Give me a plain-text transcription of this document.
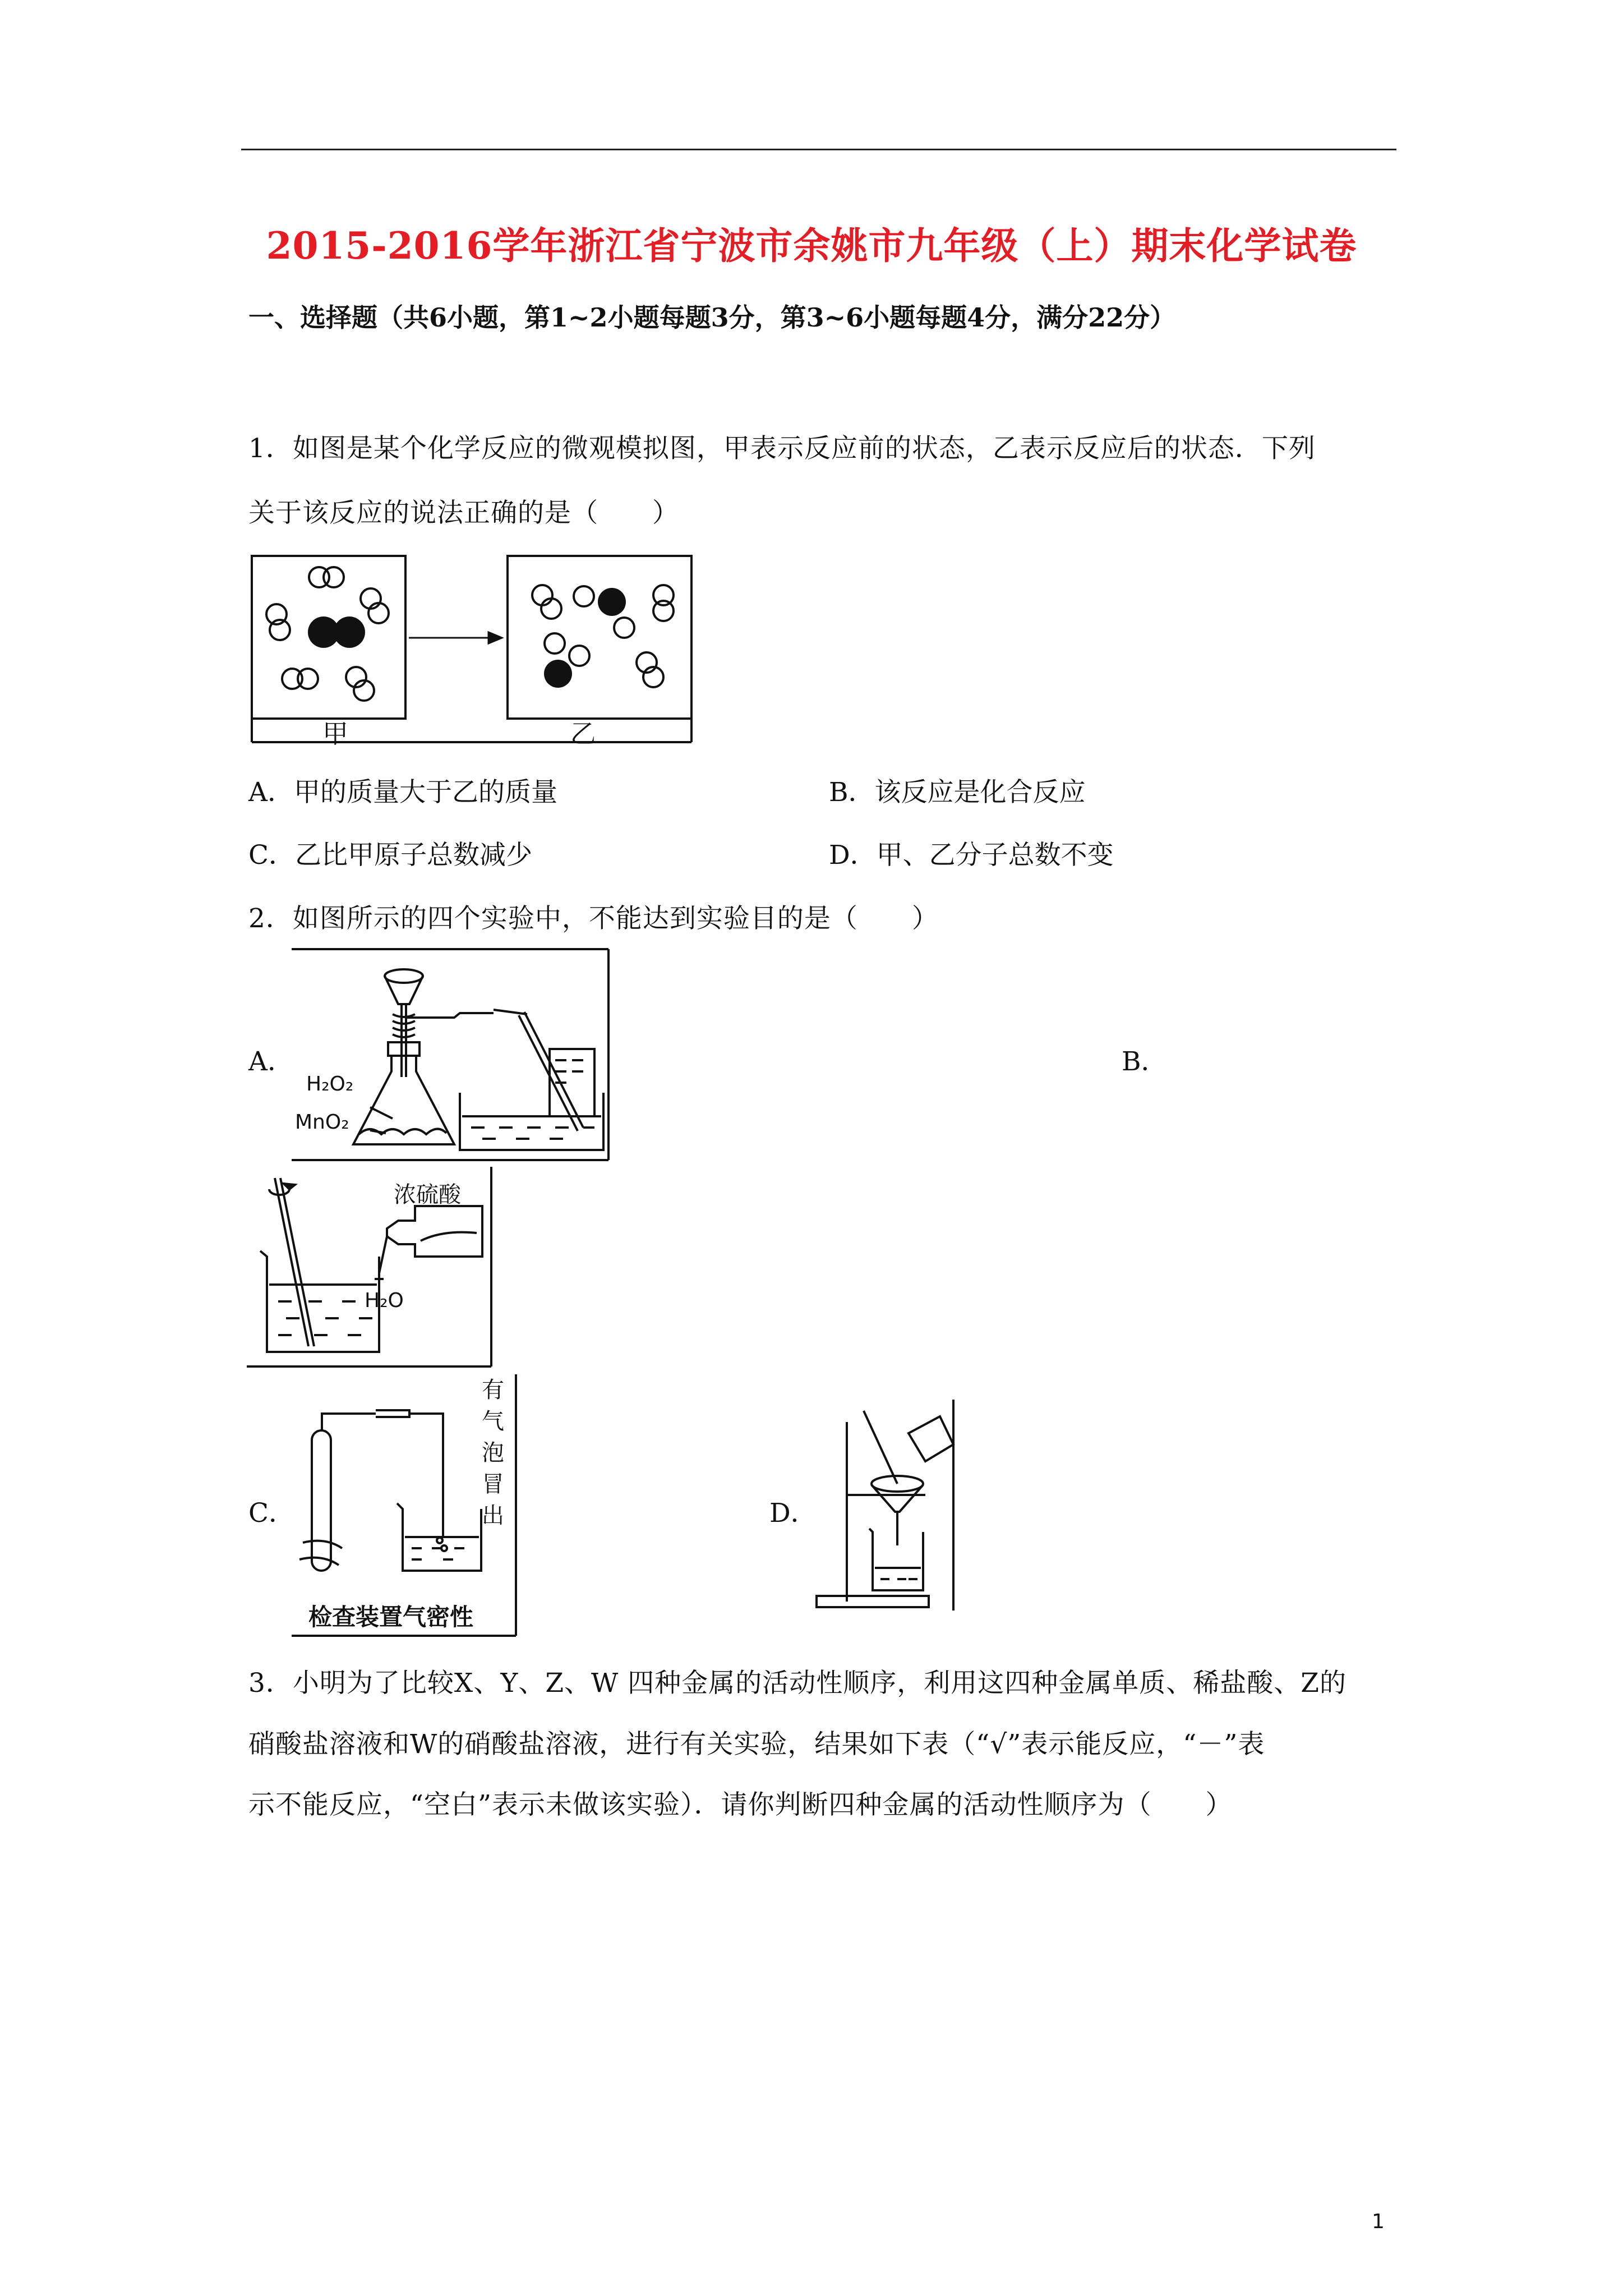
2015-2016学年浙江省宁波市余姚市九年级（上）期末化学试卷
一、选择题（共6小题，第1~2小题每题3分，第3~6小题每题4分，满分22分）
1．如图是某个化学反应的微观模拟图，甲表示反应前的状态，乙表示反应后的状态．下列
关于该反应的说法正确的是（　　）
甲	乙
A．甲的质量大于乙的质量	B．该反应是化合反应
C．乙比甲原子总数减少	D．甲、乙分子总数不变
2．如图所示的四个实验中，不能达到实验目的是（　　）
A．
H₂O₂
MnO₂
B．
浓硫酸
H₂O
C．
有
气
泡
冒
出
检查装置气密性
D．
3．小明为了比较X、Y、Z、W 四种金属的活动性顺序，利用这四种金属单质、稀盐酸、Z的
硝酸盐溶液和W的硝酸盐溶液，进行有关实验，结果如下表（“√”表示能反应，“－”表
示不能反应，“空白”表示未做该实验）．请你判断四种金属的活动性顺序为（　　）
1
